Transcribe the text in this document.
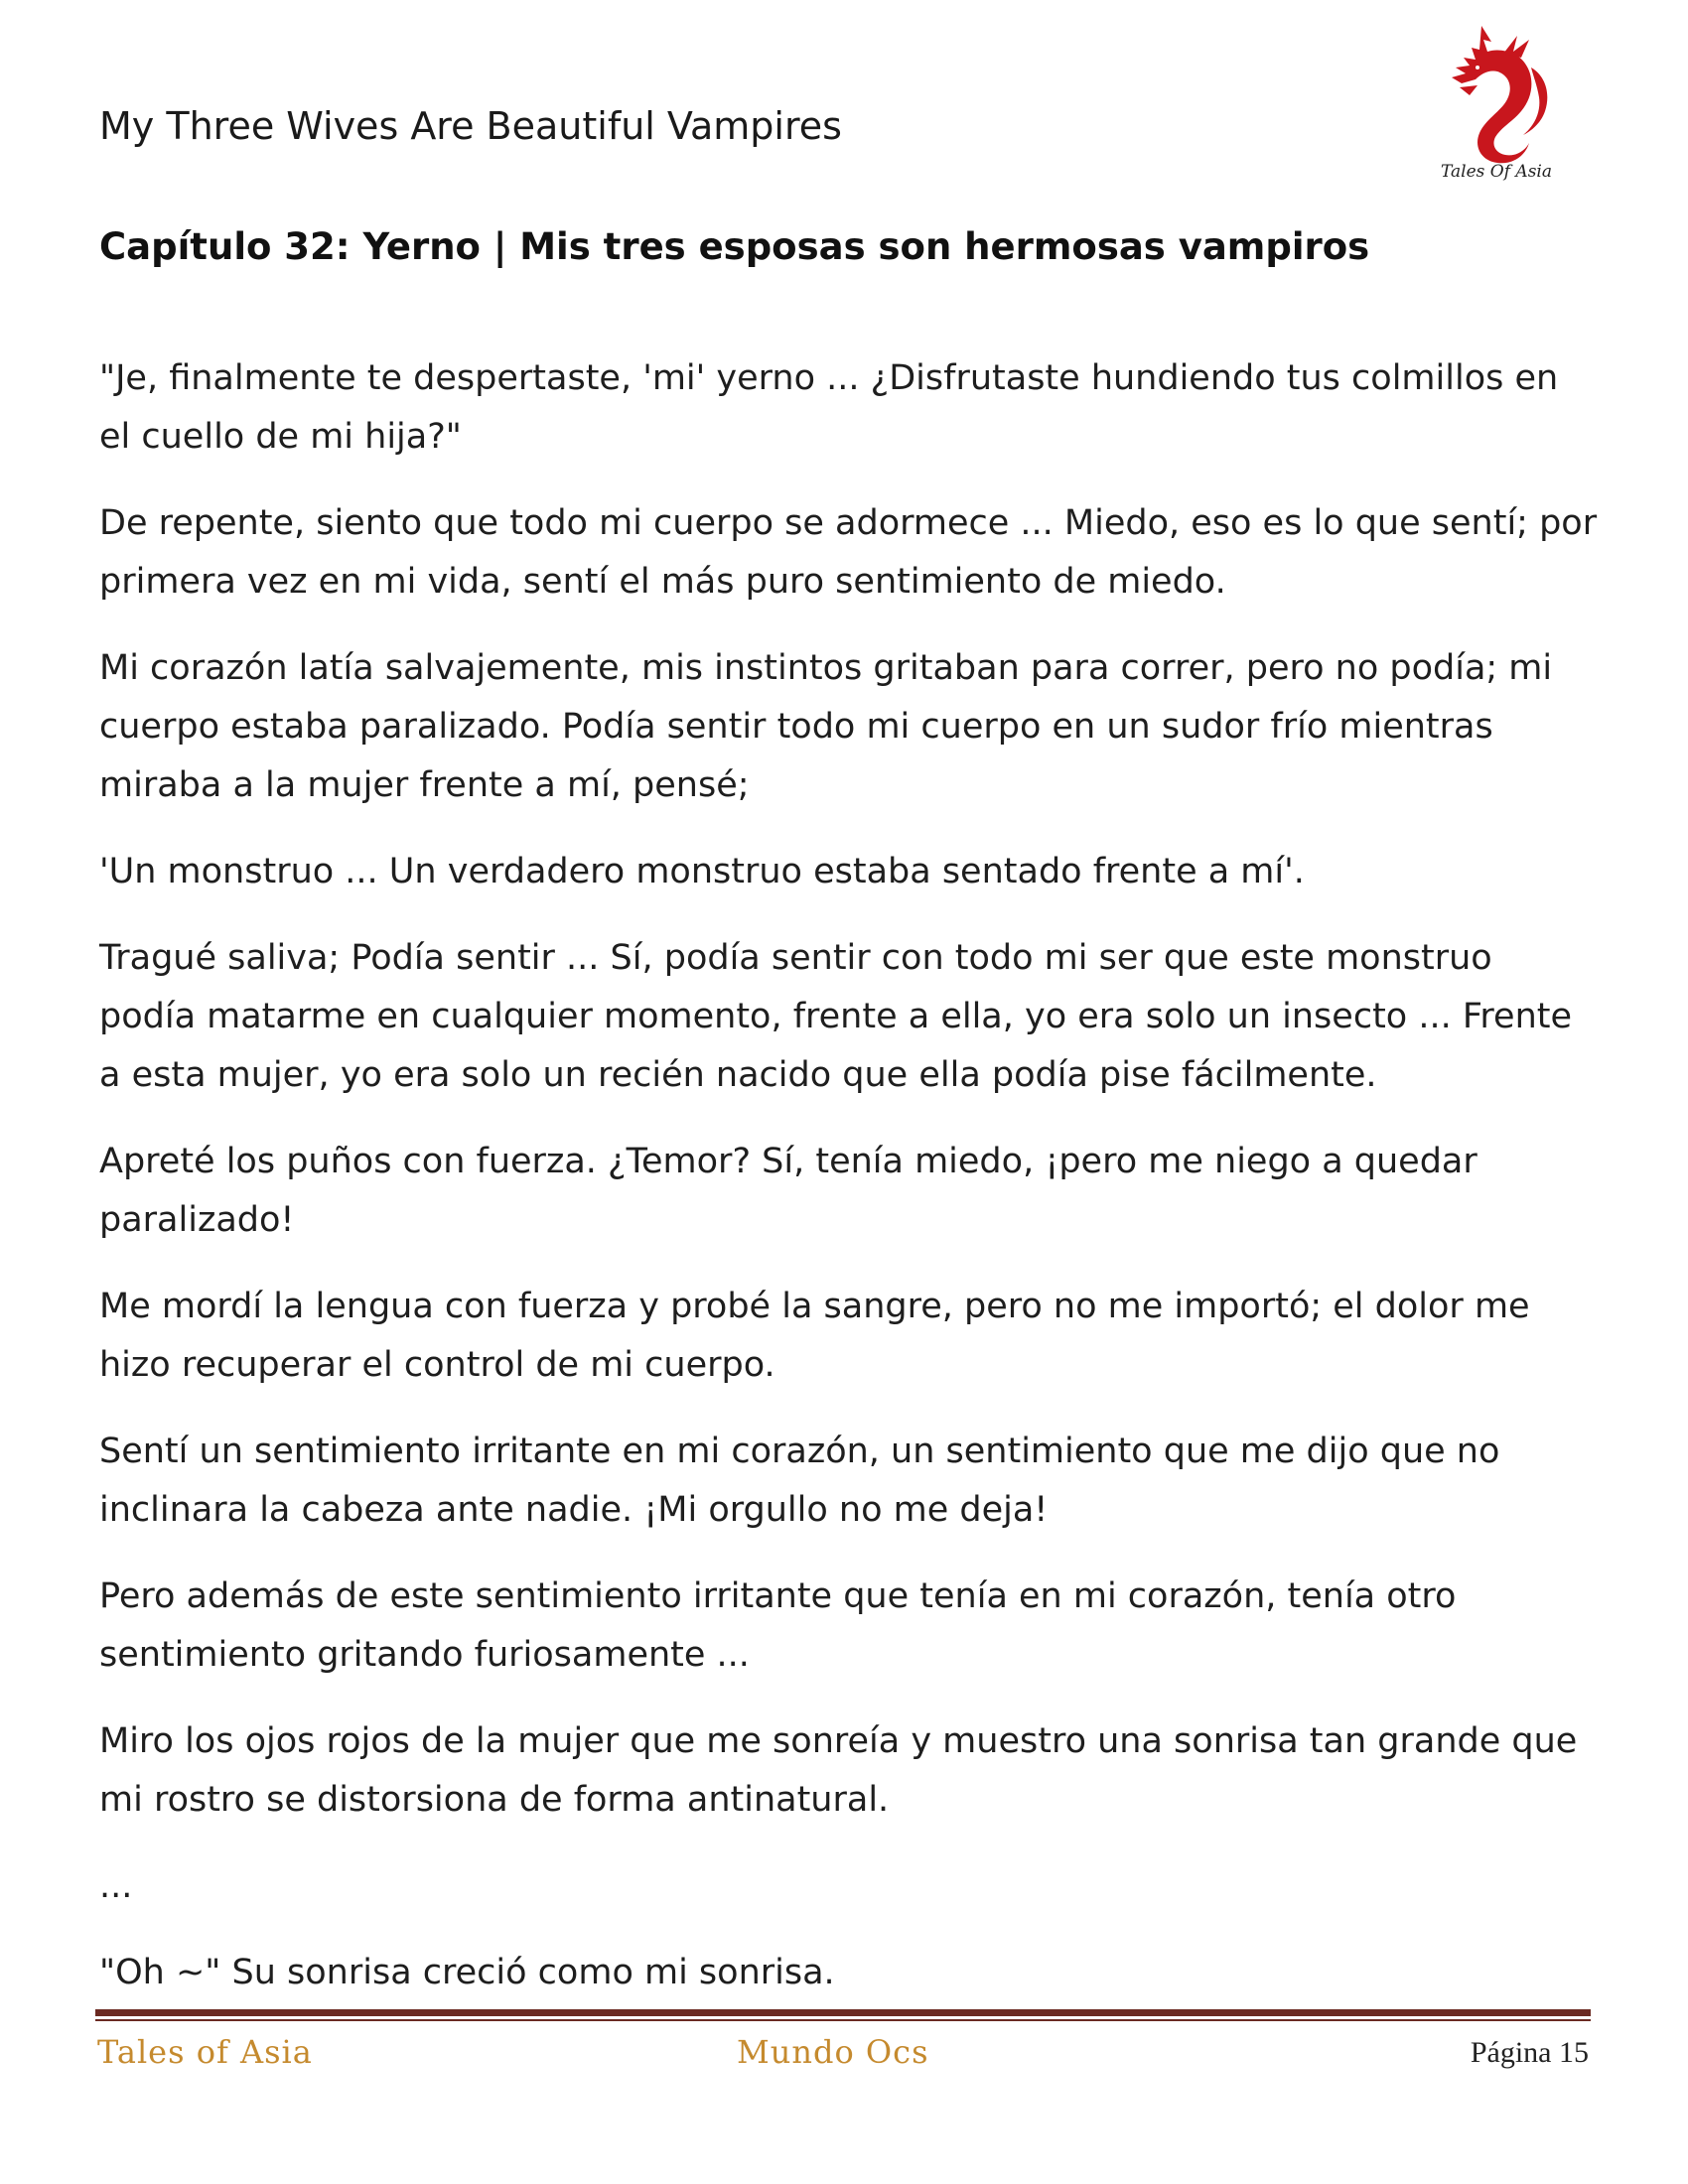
My Three Wives Are Beautiful Vampires
Tales Of Asia
Capítulo 32: Yerno | Mis tres esposas son hermosas vampiros

"Je, finalmente te despertaste, 'mi' yerno ... ¿Disfrutaste hundiendo tus colmillos en el cuello de mi hija?"

De repente, siento que todo mi cuerpo se adormece ... Miedo, eso es lo que sentí; por primera vez en mi vida, sentí el más puro sentimiento de miedo.

Mi corazón latía salvajemente, mis instintos gritaban para correr, pero no podía; mi cuerpo estaba paralizado. Podía sentir todo mi cuerpo en un sudor frío mientras miraba a la mujer frente a mí, pensé;

'Un monstruo ... Un verdadero monstruo estaba sentado frente a mí'.

Tragué saliva; Podía sentir ... Sí, podía sentir con todo mi ser que este monstruo podía matarme en cualquier momento, frente a ella, yo era solo un insecto ... Frente a esta mujer, yo era solo un recién nacido que ella podía pise fácilmente.

Apreté los puños con fuerza. ¿Temor? Sí, tenía miedo, ¡pero me niego a quedar paralizado!

Me mordí la lengua con fuerza y probé la sangre, pero no me importó; el dolor me hizo recuperar el control de mi cuerpo.

Sentí un sentimiento irritante en mi corazón, un sentimiento que me dijo que no inclinara la cabeza ante nadie. ¡Mi orgullo no me deja!

Pero además de este sentimiento irritante que tenía en mi corazón, tenía otro sentimiento gritando furiosamente ...

Miro los ojos rojos de la mujer que me sonreía y muestro una sonrisa tan grande que mi rostro se distorsiona de forma antinatural.

...

"Oh ~" Su sonrisa creció como mi sonrisa.

Tales of Asia	Mundo Ocs	Página 15
